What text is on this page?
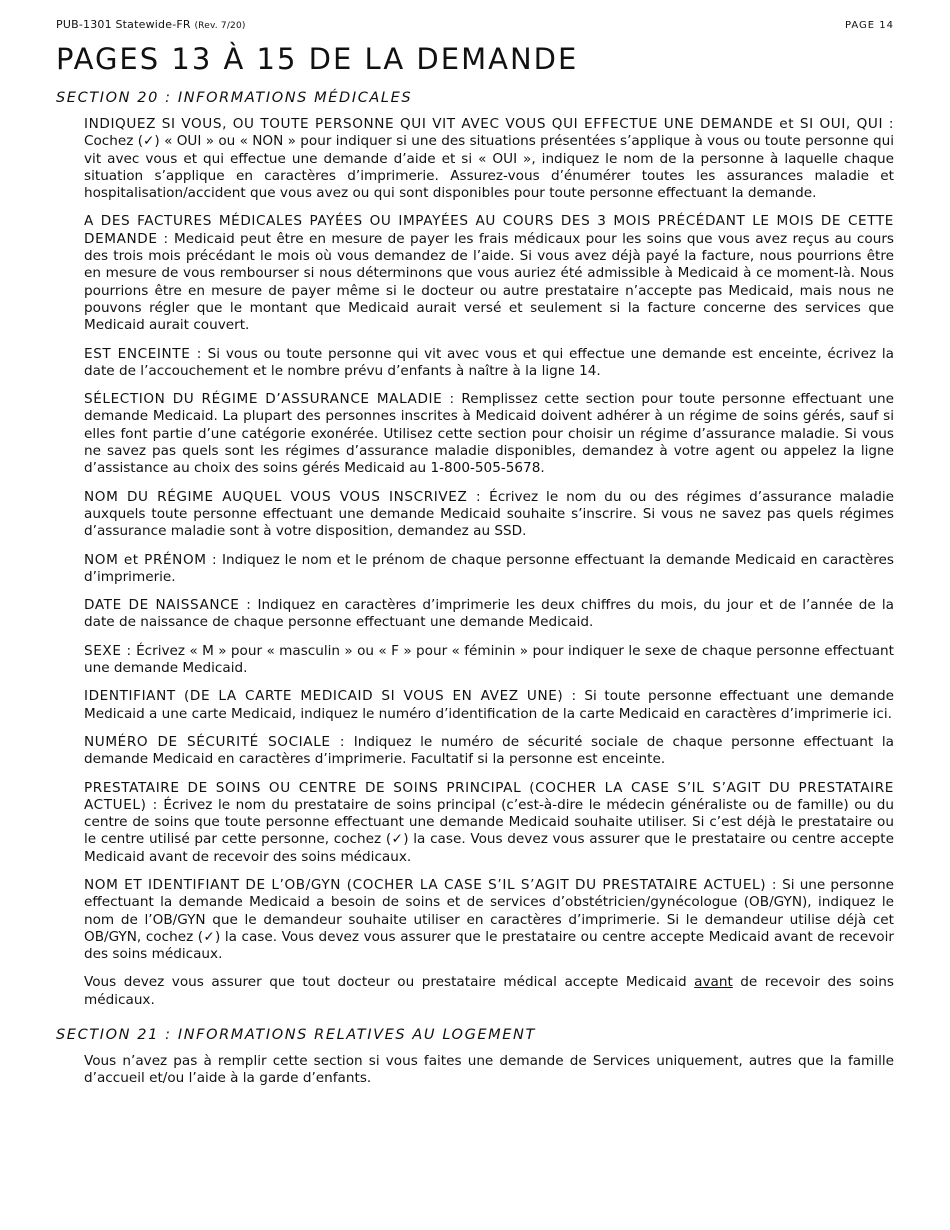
PUB-1301 Statewide-FR (Rev. 7/20)	PAGE 14
PAGES 13 À 15 DE LA DEMANDE
SECTION 20 : INFORMATIONS MÉDICALES

INDIQUEZ SI VOUS, OU TOUTE PERSONNE QUI VIT AVEC VOUS QUI EFFECTUE UNE DEMANDE et SI OUI, QUI : Cochez (✓) « OUI » ou « NON » pour indiquer si une des situations présentées s’applique à vous ou toute personne qui vit avec vous et qui effectue une demande d’aide et si « OUI », indiquez le nom de la personne à laquelle chaque situation s’applique en caractères d’imprimerie. Assurez-vous d’énumérer toutes les assurances maladie et hospitalisation/accident que vous avez ou qui sont disponibles pour toute personne effectuant la demande.

A DES FACTURES MÉDICALES PAYÉES OU IMPAYÉES AU COURS DES 3 MOIS PRÉCÉDANT LE MOIS DE CETTE DEMANDE : Medicaid peut être en mesure de payer les frais médicaux pour les soins que vous avez reçus au cours des trois mois précédant le mois où vous demandez de l’aide. Si vous avez déjà payé la facture, nous pourrions être en mesure de vous rembourser si nous déterminons que vous auriez été admissible à Medicaid à ce moment-là. Nous pourrions être en mesure de payer même si le docteur ou autre prestataire n’accepte pas Medicaid, mais nous ne pouvons régler que le montant que Medicaid aurait versé et seulement si la facture concerne des services que Medicaid aurait couvert.

EST ENCEINTE : Si vous ou toute personne qui vit avec vous et qui effectue une demande est enceinte, écrivez la date de l’accouchement et le nombre prévu d’enfants à naître à la ligne 14.

SÉLECTION DU RÉGIME D’ASSURANCE MALADIE : Remplissez cette section pour toute personne effectuant une demande Medicaid. La plupart des personnes inscrites à Medicaid doivent adhérer à un régime de soins gérés, sauf si elles font partie d’une catégorie exonérée. Utilisez cette section pour choisir un régime d’assurance maladie. Si vous ne savez pas quels sont les régimes d’assurance maladie disponibles, demandez à votre agent ou appelez la ligne d’assistance au choix des soins gérés Medicaid au 1-800-505-5678.

NOM DU RÉGIME AUQUEL VOUS VOUS INSCRIVEZ : Écrivez le nom du ou des régimes d’assurance maladie auxquels toute personne effectuant une demande Medicaid souhaite s’inscrire. Si vous ne savez pas quels régimes d’assurance maladie sont à votre disposition, demandez au SSD.

NOM et PRÉNOM : Indiquez le nom et le prénom de chaque personne effectuant la demande Medicaid en caractères d’imprimerie.

DATE DE NAISSANCE : Indiquez en caractères d’imprimerie les deux chiffres du mois, du jour et de l’année de la date de naissance de chaque personne effectuant une demande Medicaid.

SEXE : Écrivez « M » pour « masculin » ou « F » pour « féminin » pour indiquer le sexe de chaque personne effectuant une demande Medicaid.

IDENTIFIANT (DE LA CARTE MEDICAID SI VOUS EN AVEZ UNE) : Si toute personne effectuant une demande Medicaid a une carte Medicaid, indiquez le numéro d’identification de la carte Medicaid en caractères d’imprimerie ici.

NUMÉRO DE SÉCURITÉ SOCIALE : Indiquez le numéro de sécurité sociale de chaque personne effectuant la demande Medicaid en caractères d’imprimerie. Facultatif si la personne est enceinte.

PRESTATAIRE DE SOINS OU CENTRE DE SOINS PRINCIPAL (COCHER LA CASE S’IL S’AGIT DU PRESTATAIRE ACTUEL) : Écrivez le nom du prestataire de soins principal (c’est-à-dire le médecin généraliste ou de famille) ou du centre de soins que toute personne effectuant une demande Medicaid souhaite utiliser. Si c’est déjà le prestataire ou le centre utilisé par cette personne, cochez (✓) la case. Vous devez vous assurer que le prestataire ou centre accepte Medicaid avant de recevoir des soins médicaux.

NOM ET IDENTIFIANT DE L’OB/GYN (COCHER LA CASE S’IL S’AGIT DU PRESTATAIRE ACTUEL) : Si une personne effectuant la demande Medicaid a besoin de soins et de services d’obstétricien/gynécologue (OB/GYN), indiquez le nom de l’OB/GYN que le demandeur souhaite utiliser en caractères d’imprimerie. Si le demandeur utilise déjà cet OB/GYN, cochez (✓) la case. Vous devez vous assurer que le prestataire ou centre accepte Medicaid avant de recevoir des soins médicaux.

Vous devez vous assurer que tout docteur ou prestataire médical accepte Medicaid avant de recevoir des soins médicaux.

SECTION 21 : INFORMATIONS RELATIVES AU LOGEMENT

Vous n’avez pas à remplir cette section si vous faites une demande de Services uniquement, autres que la famille d’accueil et/ou l’aide à la garde d’enfants.
